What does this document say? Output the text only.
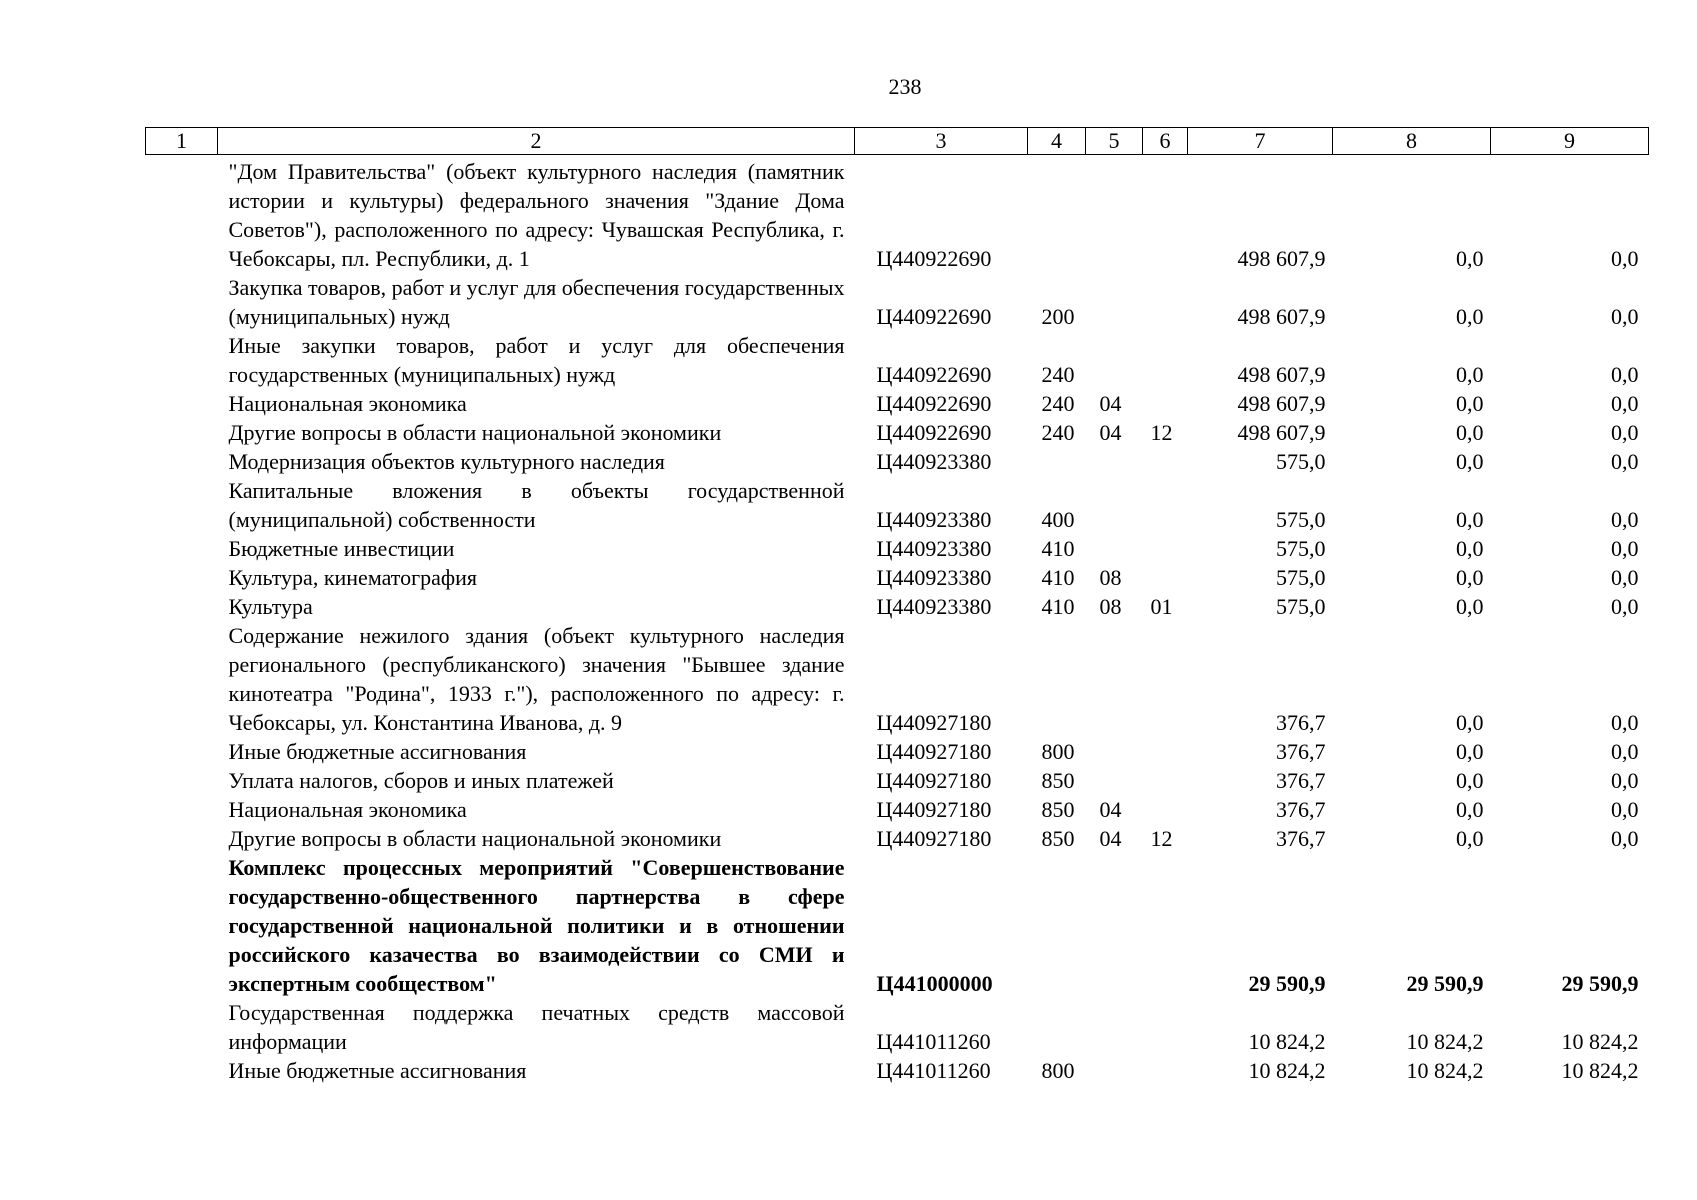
238
1	2	3	4	5	6	7	8	9
	"Дом Правительства" (объект культурного наследия (памятник истории и культуры) федерального значения "Здание Дома Советов"), расположенного по адресу: Чувашская Республика, г. Чебоксары, пл. Республики, д. 1	Ц440922690				498 607,9	0,0	0,0
	Закупка товаров, работ и услуг для обеспечения государственных (муниципальных) нужд	Ц440922690	200			498 607,9	0,0	0,0
	Иные закупки товаров, работ и услуг для обеспечения государственных (муниципальных) нужд	Ц440922690	240			498 607,9	0,0	0,0
	Национальная экономика	Ц440922690	240	04		498 607,9	0,0	0,0
	Другие вопросы в области национальной экономики	Ц440922690	240	04	12	498 607,9	0,0	0,0
	Модернизация объектов культурного наследия	Ц440923380				575,0	0,0	0,0
	Капитальные вложения в объекты государственной (муниципальной) собственности	Ц440923380	400			575,0	0,0	0,0
	Бюджетные инвестиции	Ц440923380	410			575,0	0,0	0,0
	Культура, кинематография	Ц440923380	410	08		575,0	0,0	0,0
	Культура	Ц440923380	410	08	01	575,0	0,0	0,0
	Содержание нежилого здания (объект культурного наследия регионального (республиканского) значения "Бывшее здание кинотеатра "Родина", 1933 г."), расположенного по адресу: г. Чебоксары, ул. Константина Иванова, д. 9	Ц440927180				376,7	0,0	0,0
	Иные бюджетные ассигнования	Ц440927180	800			376,7	0,0	0,0
	Уплата налогов, сборов и иных платежей	Ц440927180	850			376,7	0,0	0,0
	Национальная экономика	Ц440927180	850	04		376,7	0,0	0,0
	Другие вопросы в области национальной экономики	Ц440927180	850	04	12	376,7	0,0	0,0
	Комплекс процессных мероприятий "Совершенствование государственно-общественного партнерства в сфере государственной национальной политики и в отношении российского казачества во взаимодействии со СМИ и экспертным сообществом"	Ц441000000				29 590,9	29 590,9	29 590,9
	Государственная поддержка печатных средств массовой информации	Ц441011260				10 824,2	10 824,2	10 824,2
	Иные бюджетные ассигнования	Ц441011260	800			10 824,2	10 824,2	10 824,2
